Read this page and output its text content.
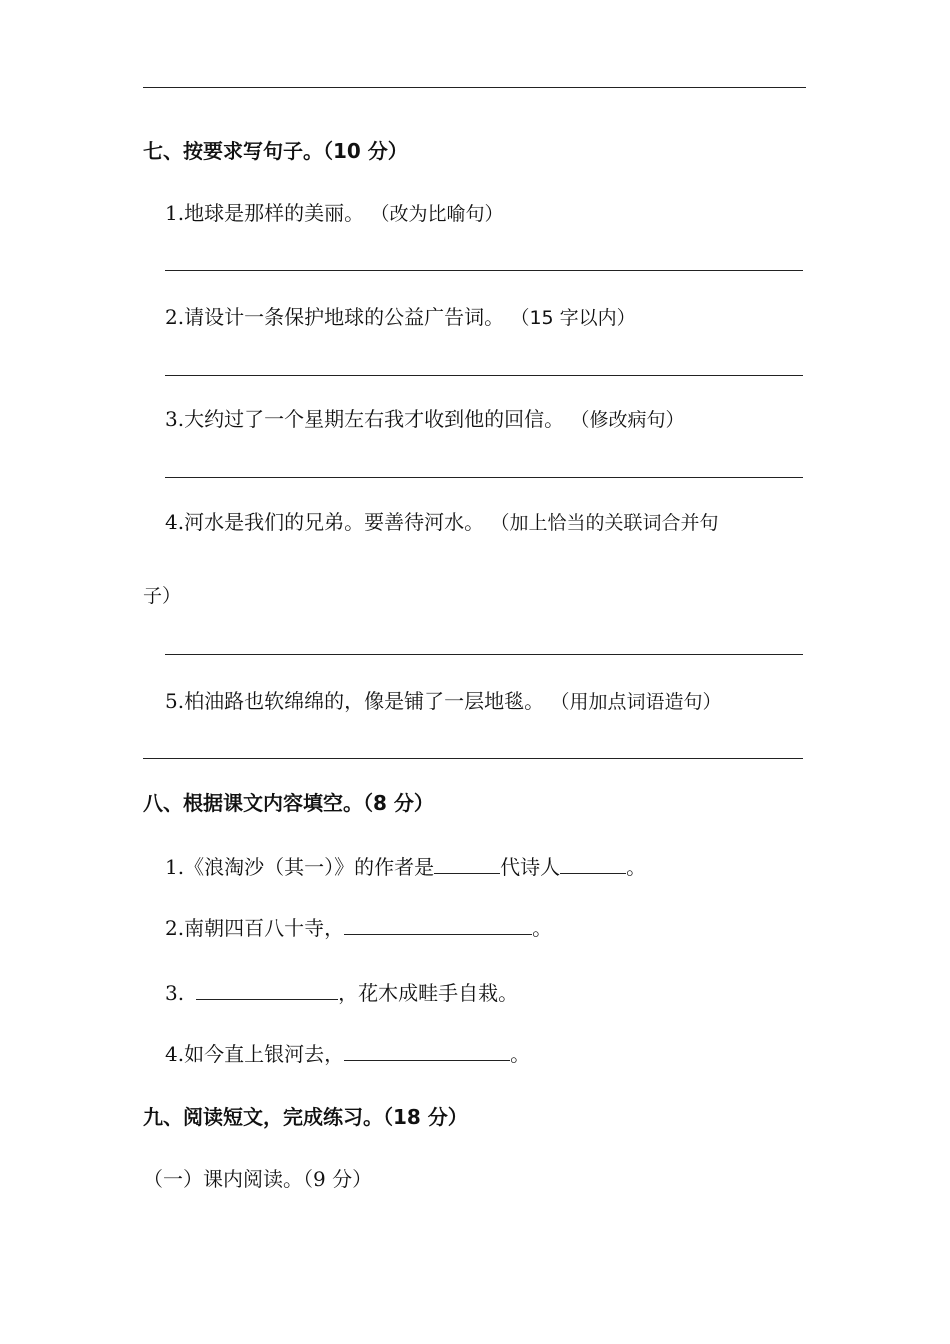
七、按要求写句子。（10 分）
1.地球是那样的美丽。 （改为比喻句）
2.请设计一条保护地球的公益广告词。 （15 字以内）
3.大约过了一个星期左右我才收到他的回信。 （修改病句）
4.河水是我们的兄弟。要善待河水。 （加上恰当的关联词合并句
子）
5.柏油路也软绵绵的，像是铺了一层地毯。 （用加点词语造句）
八、根据课文内容填空。（8 分）
1.《浪淘沙（其一）》的作者是	代诗人	。
2.南朝四百八十寺，	。
3.	，花木成畦手自栽。
4.如今直上银河去，	。
九、阅读短文，完成练习。（18 分）
（一）课内阅读。（9 分）
